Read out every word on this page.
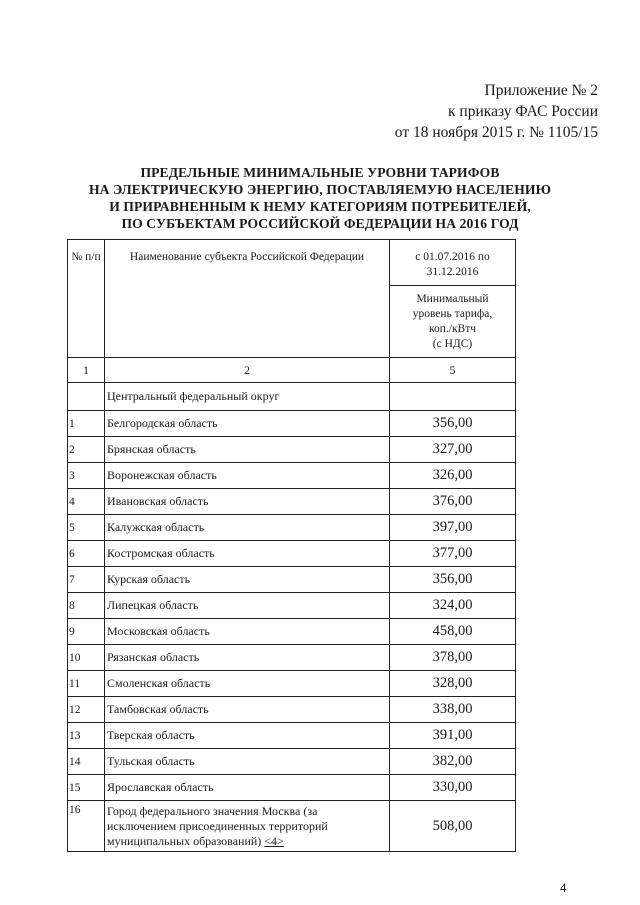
Приложение № 2
к приказу ФАС России
от 18 ноября 2015 г. № 1105/15
ПРЕДЕЛЬНЫЕ МИНИМАЛЬНЫЕ УРОВНИ ТАРИФОВ
НА ЭЛЕКТРИЧЕСКУЮ ЭНЕРГИЮ, ПОСТАВЛЯЕМУЮ НАСЕЛЕНИЮ
И ПРИРАВНЕННЫМ К НЕМУ КАТЕГОРИЯМ ПОТРЕБИТЕЛЕЙ,
ПО СУБЪЕКТАМ РОССИЙСКОЙ ФЕДЕРАЦИИ НА 2016 ГОД
№ п/п	Наименование субъекта Российской Федерации	с 01.07.2016 по
31.12.2016

		Минимальный
уровень тарифа,
коп./кВтч
(с НДС)

1	2	5
	Центральный федеральный округ	
1	Белгородская область	356,00
2	Брянская область	327,00
3	Воронежская область	326,00
4	Ивановская область	376,00
5	Калужская область	397,00
6	Костромская область	377,00
7	Курская область	356,00
8	Липецкая область	324,00
9	Московская область	458,00
10	Рязанская область	378,00
11	Смоленская область	328,00
12	Тамбовская область	338,00
13	Тверская область	391,00
14	Тульская область	382,00
15	Ярославская область	330,00
16	Город федерального значения Москва (за
исключением присоединенных территорий
муниципальных образований) <4>	508,00
4
